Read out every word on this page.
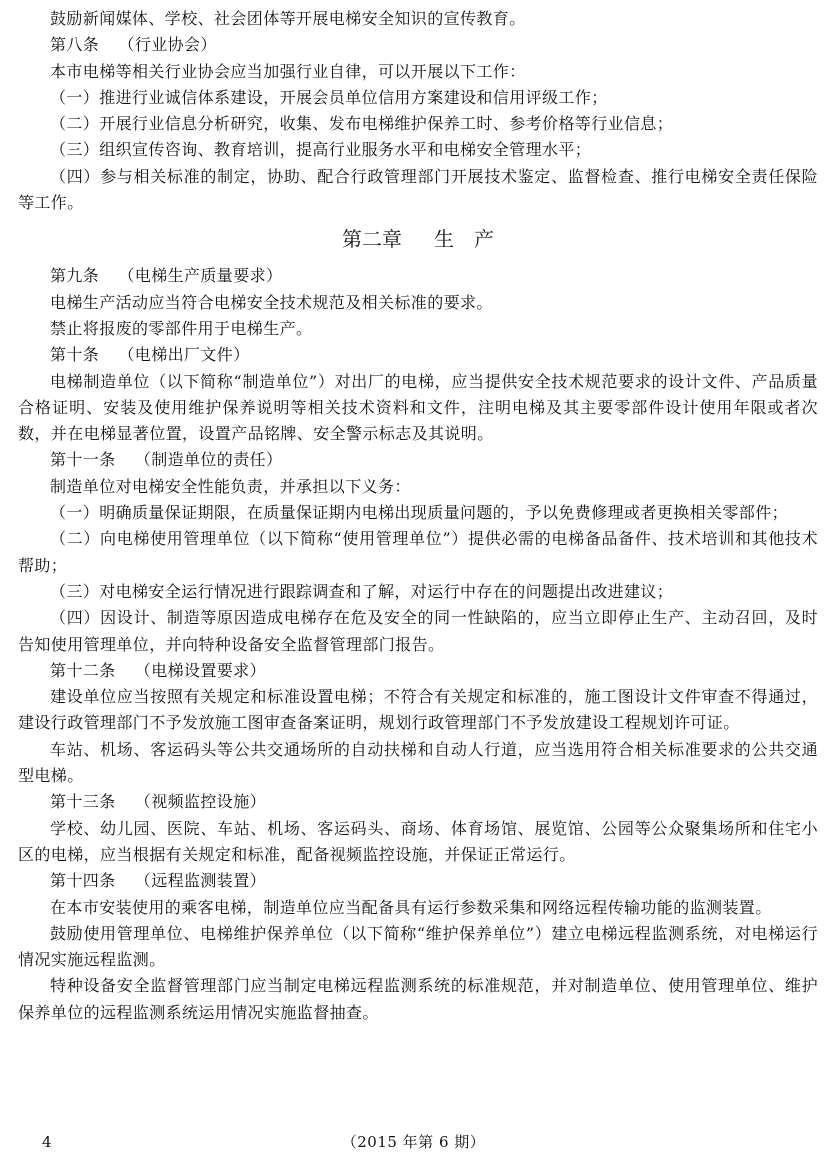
鼓励新闻媒体、学校、社会团体等开展电梯安全知识的宣传教育。

第八条 （行业协会）

本市电梯等相关行业协会应当加强行业自律，可以开展以下工作：

（一）推进行业诚信体系建设，开展会员单位信用方案建设和信用评级工作；

（二）开展行业信息分析研究，收集、发布电梯维护保养工时、参考价格等行业信息；

（三）组织宣传咨询、教育培训，提高行业服务水平和电梯安全管理水平；

（四）参与相关标准的制定，协助、配合行政管理部门开展技术鉴定、监督检查、推行电梯安全责任保险等工作。

第二章 生　产

第九条 （电梯生产质量要求）

电梯生产活动应当符合电梯安全技术规范及相关标准的要求。

禁止将报废的零部件用于电梯生产。

第十条 （电梯出厂文件）

电梯制造单位（以下简称“制造单位”）对出厂的电梯，应当提供安全技术规范要求的设计文件、产品质量合格证明、安装及使用维护保养说明等相关技术资料和文件，注明电梯及其主要零部件设计使用年限或者次数，并在电梯显著位置，设置产品铭牌、安全警示标志及其说明。

第十一条 （制造单位的责任）

制造单位对电梯安全性能负责，并承担以下义务：

（一）明确质量保证期限，在质量保证期内电梯出现质量问题的，予以免费修理或者更换相关零部件；

（二）向电梯使用管理单位（以下简称“使用管理单位”）提供必需的电梯备品备件、技术培训和其他技术帮助；

（三）对电梯安全运行情况进行跟踪调查和了解，对运行中存在的问题提出改进建议；

（四）因设计、制造等原因造成电梯存在危及安全的同一性缺陷的，应当立即停止生产、主动召回，及时告知使用管理单位，并向特种设备安全监督管理部门报告。

第十二条 （电梯设置要求）

建设单位应当按照有关规定和标准设置电梯；不符合有关规定和标准的，施工图设计文件审查不得通过，建设行政管理部门不予发放施工图审查备案证明，规划行政管理部门不予发放建设工程规划许可证。

车站、机场、客运码头等公共交通场所的自动扶梯和自动人行道，应当选用符合相关标准要求的公共交通型电梯。

第十三条 （视频监控设施）

学校、幼儿园、医院、车站、机场、客运码头、商场、体育场馆、展览馆、公园等公众聚集场所和住宅小区的电梯，应当根据有关规定和标准，配备视频监控设施，并保证正常运行。

第十四条 （远程监测装置）

在本市安装使用的乘客电梯，制造单位应当配备具有运行参数采集和网络远程传输功能的监测装置。

鼓励使用管理单位、电梯维护保养单位（以下简称“维护保养单位”）建立电梯远程监测系统，对电梯运行情况实施远程监测。

特种设备安全监督管理部门应当制定电梯远程监测系统的标准规范，并对制造单位、使用管理单位、维护保养单位的远程监测系统运用情况实施监督抽查。

4	（2015 年第 6 期）
